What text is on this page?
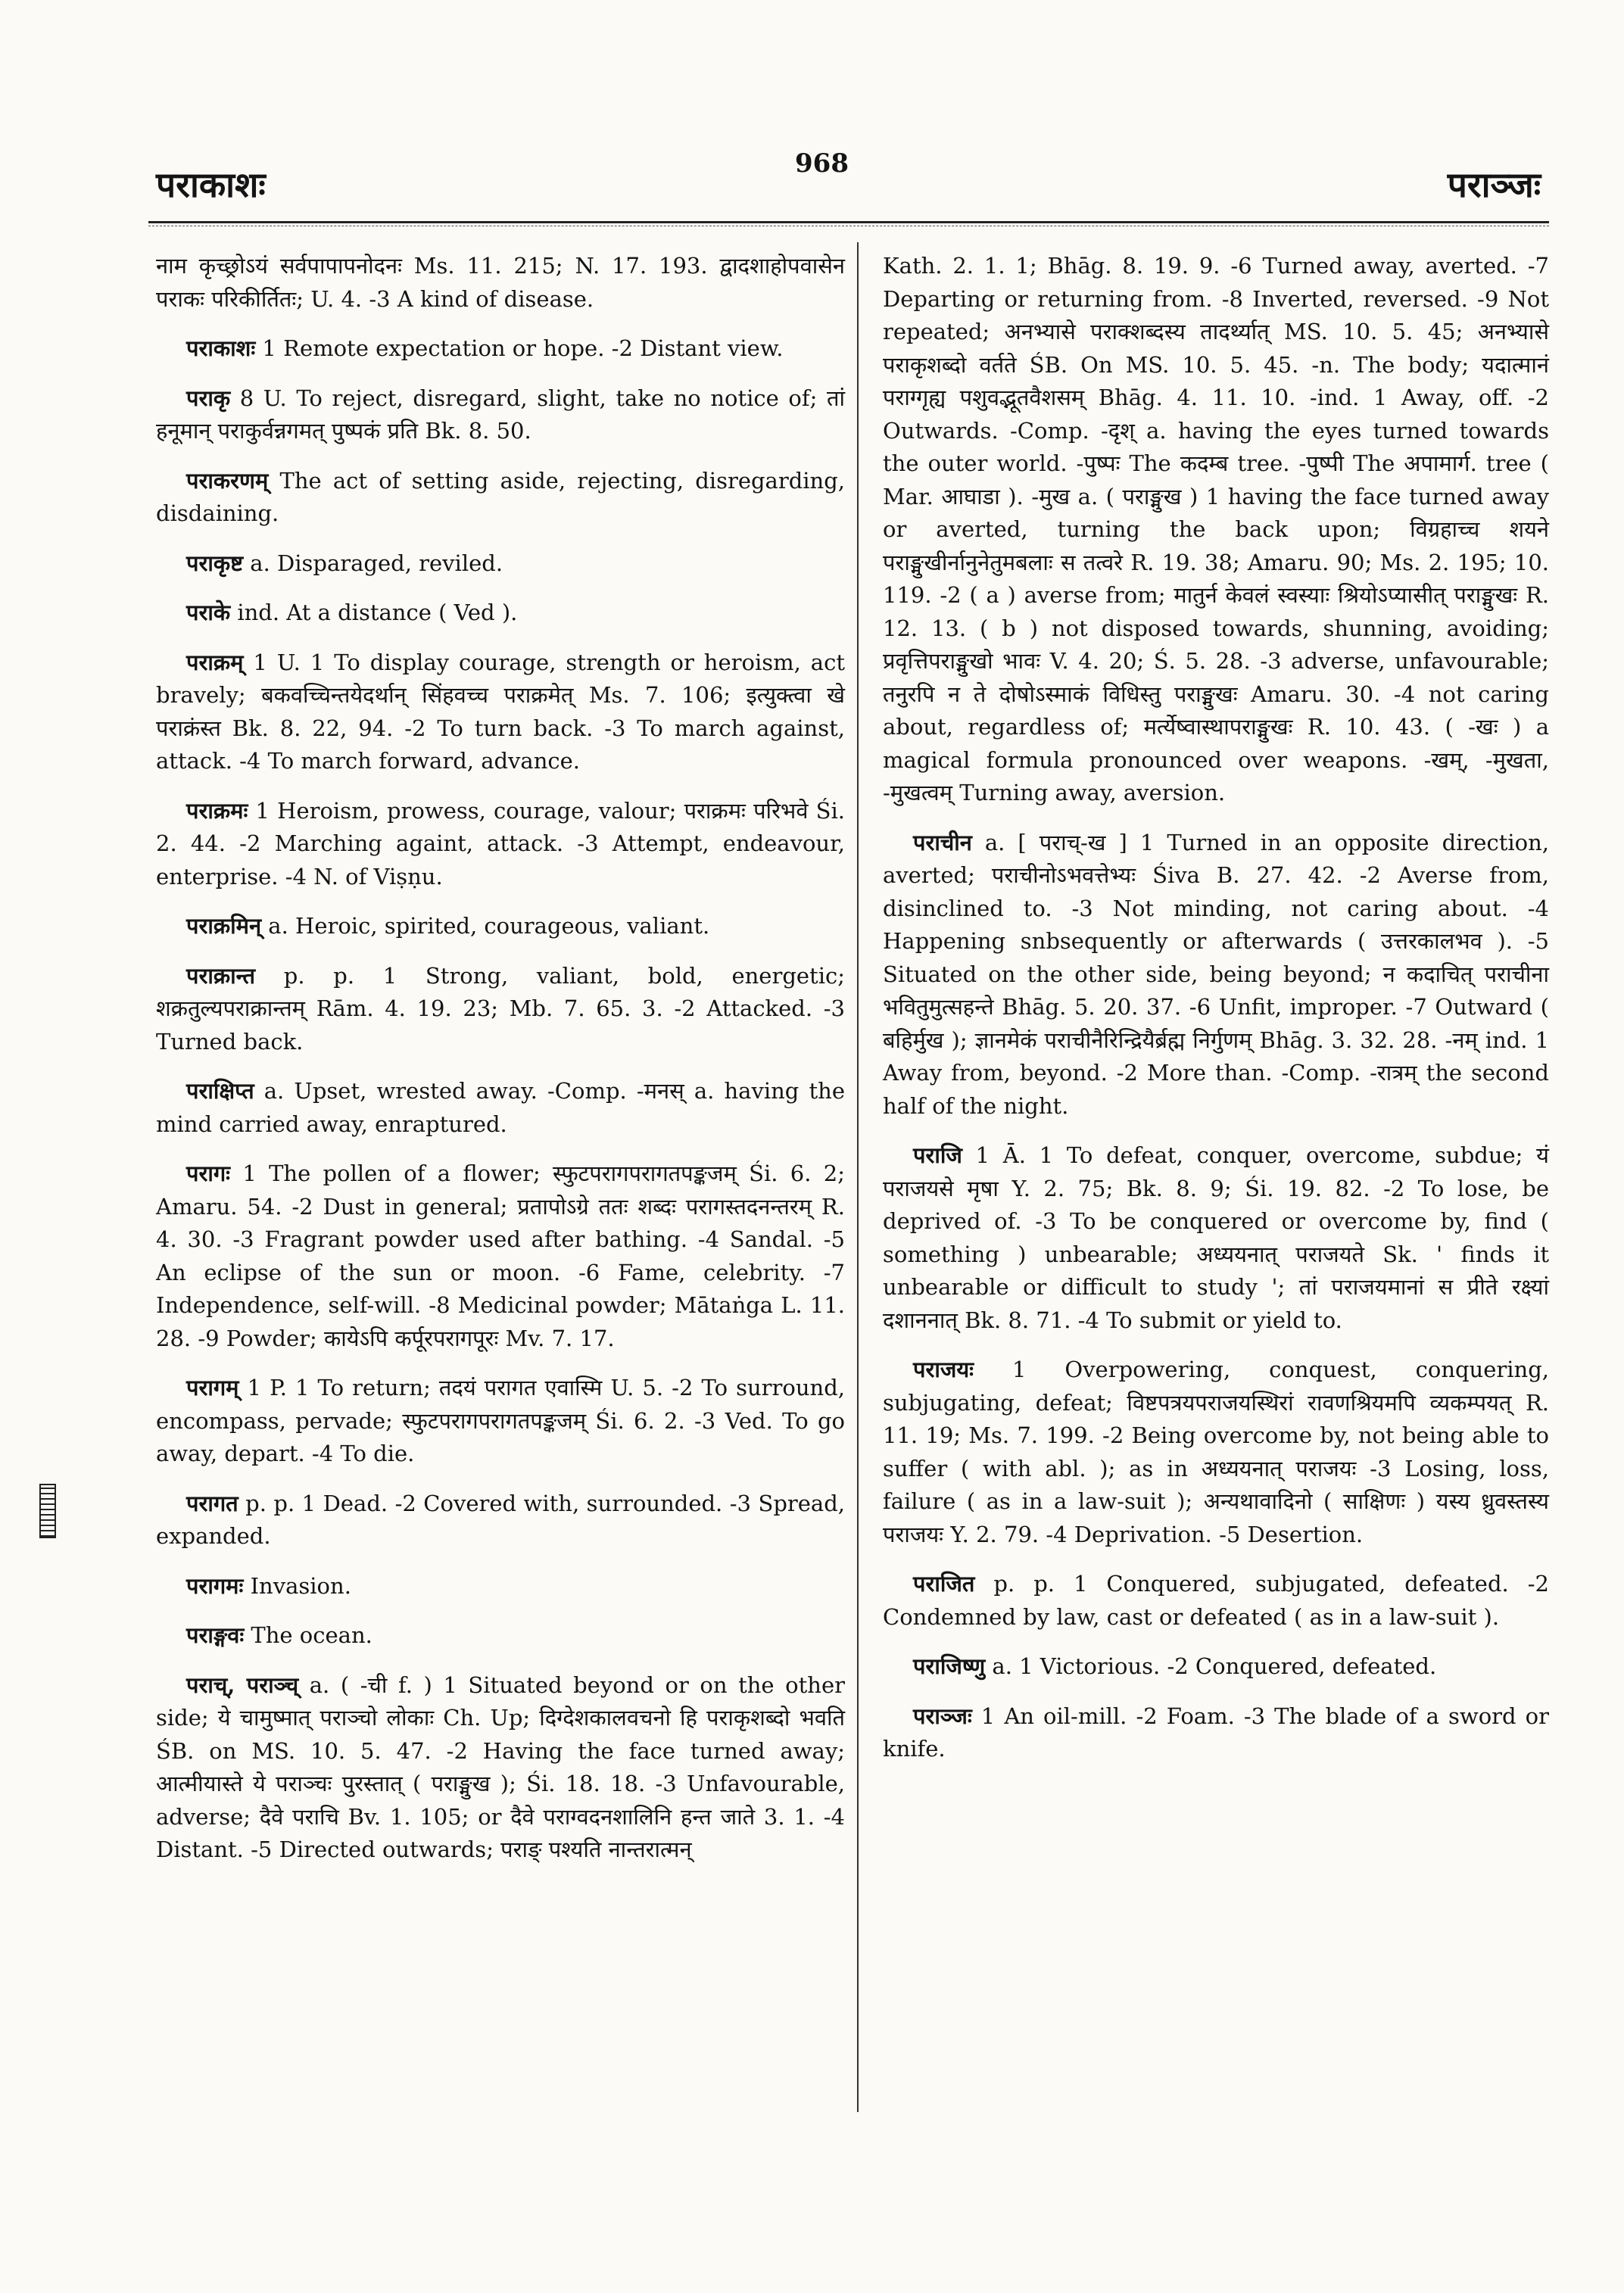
पराकाशः
968
पराञ्जः

नाम कृच्छ्रोऽयं सर्वपापापनोदनः Ms. 11. 215; N. 17. 193. द्वादशाहोपवासेन पराकः परिकीर्तितः; U. 4. -3 A kind of disease.

पराकाशः 1 Remote expectation or hope. -2 Distant view.

पराकृ 8 U. To reject, disregard, slight, take no notice of; तां हनूमान् पराकुर्वन्नगमत् पुष्पकं प्रति Bk. 8. 50.

पराकरणम् The act of setting aside, rejecting, disregarding, disdaining.

पराकृष्ट a. Disparaged, reviled.

पराके ind. At a distance ( Ved ).

पराक्रम् 1 U. 1 To display courage, strength or heroism, act bravely; बकवच्चिन्तयेदर्थान् सिंहवच्च पराक्रमेत् Ms. 7. 106; इत्युक्त्वा खे पराक्रंस्त Bk. 8. 22, 94. -2 To turn back. -3 To march against, attack. -4 To march forward, advance.

पराक्रमः 1 Heroism, prowess, courage, valour; पराक्रमः परिभवे Śi. 2. 44. -2 Marching againt, attack. -3 Attempt, endeavour, enterprise. -4 N. of Viṣṇu.

पराक्रमिन् a. Heroic, spirited, courageous, valiant.

पराक्रान्त p. p. 1 Strong, valiant, bold, energetic; शक्रतुल्यपराक्रान्तम् Rām. 4. 19. 23; Mb. 7. 65. 3. -2 Attacked. -3 Turned back.

पराक्षिप्त a. Upset, wrested away. -Comp. -मनस् a. having the mind carried away, enraptured.

परागः 1 The pollen of a flower; स्फुटपरागपरागतपङ्कजम् Śi. 6. 2; Amaru. 54. -2 Dust in general; प्रतापोऽग्रे ततः शब्दः परागस्तदनन्तरम् R. 4. 30. -3 Fragrant powder used after bathing. -4 Sandal. -5 An eclipse of the sun or moon. -6 Fame, celebrity. -7 Independence, self-will. -8 Medicinal powder; Mātaṅga L. 11. 28. -9 Powder; कायेऽपि कर्पूरपरागपूरः Mv. 7. 17.

परागम् 1 P. 1 To return; तदयं परागत एवास्मि U. 5. -2 To surround, encompass, pervade; स्फुटपरागपरागतपङ्कजम् Śi. 6. 2. -3 Ved. To go away, depart. -4 To die.

परागत p. p. 1 Dead. -2 Covered with, surrounded. -3 Spread, expanded.

परागमः Invasion.

पराङ्गवः The ocean.

पराच्, पराञ्च् a. ( -ची f. ) 1 Situated beyond or on the other side; ये चामुष्मात् पराञ्चो लोकाः Ch. Up; दिग्देशकालवचनो हि पराकृशब्दो भवति ŚB. on MS. 10. 5. 47. -2 Having the face turned away; आत्मीयास्ते ये पराञ्चः पुरस्तात् ( पराङ्मुख ); Śi. 18. 18. -3 Unfavourable, adverse; दैवे पराचि Bv. 1. 105; or दैवे पराग्वदनशालिनि हन्त जाते 3. 1. -4 Distant. -5 Directed outwards; पराङ् पश्यति नान्तरात्मन्

Kath. 2. 1. 1; Bhāg. 8. 19. 9. -6 Turned away, averted. -7 Departing or returning from. -8 Inverted, reversed. -9 Not repeated; अनभ्यासे पराक्शब्दस्य तादर्थ्यात् MS. 10. 5. 45; अनभ्यासे पराकृशब्दो वर्तते ŚB. On MS. 10. 5. 45. -n. The body; यदात्मानं पराग्गृह्य पशुवद्भूतवैशसम् Bhāg. 4. 11. 10. -ind. 1 Away, off. -2 Outwards. -Comp. -दृश् a. having the eyes turned towards the outer world. -पुष्पः The कदम्ब tree. -पुष्पी The अपामार्ग. tree ( Mar. आघाडा ). -मुख a. ( पराङ्मुख ) 1 having the face turned away or averted, turning the back upon; विग्रहाच्च शयने पराङ्मुखीर्नानुनेतुमबलाः स तत्वरे R. 19. 38; Amaru. 90; Ms. 2. 195; 10. 119. -2 ( a ) averse from; मातुर्न केवलं स्वस्याः श्रियोऽप्यासीत् पराङ्मुखः R. 12. 13. ( b ) not disposed towards, shunning, avoiding; प्रवृत्तिपराङ्मुखो भावः V. 4. 20; Ś. 5. 28. -3 adverse, unfavourable; तनुरपि न ते दोषोऽस्माकं विधिस्तु पराङ्मुखः Amaru. 30. -4 not caring about, regardless of; मर्त्येष्वास्थापराङ्मुखः R. 10. 43. ( -खः ) a magical formula pronounced over weapons. -खम्, -मुखता, -मुखत्वम् Turning away, aversion.

पराचीन a. [ पराच्-ख ] 1 Turned in an opposite direction, averted; पराचीनोऽभवत्तेभ्यः Śiva B. 27. 42. -2 Averse from, disinclined to. -3 Not minding, not caring about. -4 Happening snbsequently or afterwards ( उत्तरकालभव ). -5 Situated on the other side, being beyond; न कदाचित् पराचीना भवितुमुत्सहन्ते Bhāg. 5. 20. 37. -6 Unfit, improper. -7 Outward ( बहिर्मुख ); ज्ञानमेकं पराचीनैरिन्द्रियैर्ब्रह्म निर्गुणम् Bhāg. 3. 32. 28. -नम् ind. 1 Away from, beyond. -2 More than. -Comp. -रात्रम् the second half of the night.

पराजि 1 Ā. 1 To defeat, conquer, overcome, subdue; यं पराजयसे मृषा Y. 2. 75; Bk. 8. 9; Śi. 19. 82. -2 To lose, be deprived of. -3 To be conquered or overcome by, find ( something ) unbearable; अध्ययनात् पराजयते Sk. ' finds it unbearable or difficult to study '; तां पराजयमानां स प्रीते रक्ष्यां दशाननात् Bk. 8. 71. -4 To submit or yield to.

पराजयः 1 Overpowering, conquest, conquering, subjugating, defeat; विष्टपत्रयपराजयस्थिरां रावणश्रियमपि व्यकम्पयत् R. 11. 19; Ms. 7. 199. -2 Being overcome by, not being able to suffer ( with abl. ); as in अध्ययनात् पराजयः -3 Losing, loss, failure ( as in a law-suit ); अन्यथावादिनो ( साक्षिणः ) यस्य ध्रुवस्तस्य पराजयः Y. 2. 79. -4 Deprivation. -5 Desertion.

पराजित p. p. 1 Conquered, subjugated, defeated. -2 Condemned by law, cast or defeated ( as in a law-suit ).

पराजिष्णु a. 1 Victorious. -2 Conquered, defeated.

पराञ्जः 1 An oil-mill. -2 Foam. -3 The blade of a sword or knife.
